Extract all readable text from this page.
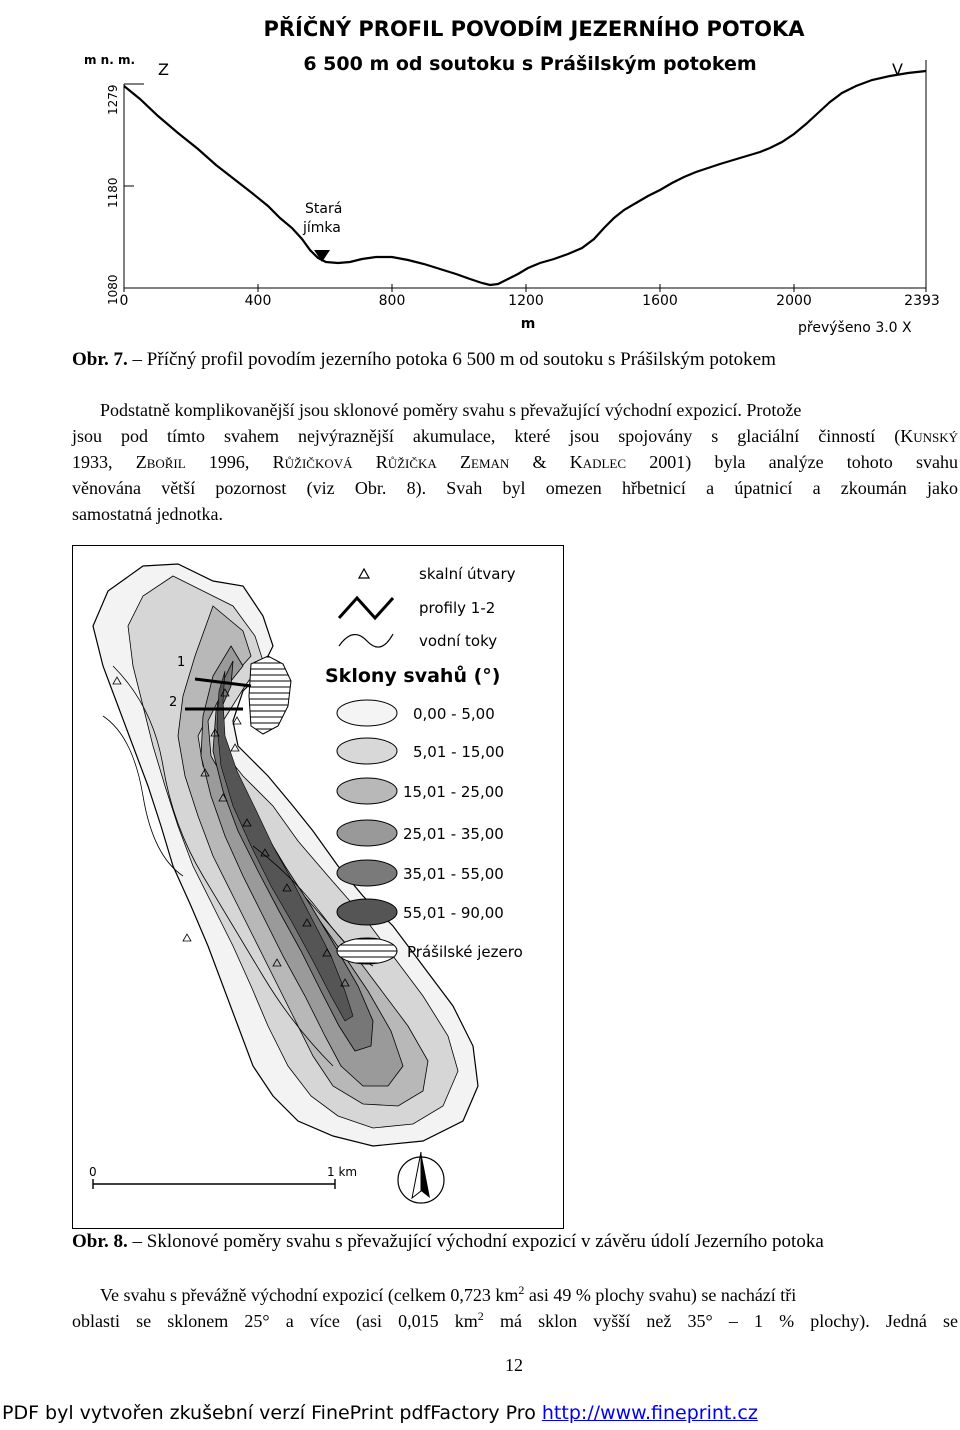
PŘÍČNÝ PROFIL POVODÍM JEZERNÍHO POTOKA
6 500 m od soutoku s Prášilským potokem
m n. m. Z	V
1279
1180
1080 0	400	800	1200	1600	2000	2393
m	převýšeno 3.0 X
Stará
jímka
Obr. 7. – Příčný profil povodím jezerního potoka 6 500 m od soutoku s Prášilským potokem
Podstatně komplikovanější jsou sklonové poměry svahu s převažující východní expozicí. Protože
jsou pod tímto svahem nejvýraznější akumulace, které jsou spojovány s glaciální činností (Kunský
1933, Zbořil 1996, Růžičková Růžička Zeman & Kadlec 2001) byla analýze tohoto svahu
věnována větší pozornost (viz Obr. 8). Svah byl omezen hřbetnicí a úpatnicí a zkoumán jako
samostatná jednotka.
1
2
skalní útvary
profily 1-2
vodní toky
Sklony svahů (°)
0,00 - 5,00
5,01 - 15,00
15,01 - 25,00
25,01 - 35,00
35,01 - 55,00
55,01 - 90,00
Prášilské jezero
0	1 km
Obr. 8. – Sklonové poměry svahu s převažující východní expozicí v závěru údolí Jezerního potoka
Ve svahu s převážně východní expozicí (celkem 0,723 $km^2$ asi 49 % plochy svahu) se nachází tři
oblasti se sklonem 25° a více (asi 0,015 $km^2$ má sklon vyšší než 35° – 1 % plochy). Jedná se
12
PDF byl vytvořen zkušební verzí FinePrint pdfFactory Pro http://www.fineprint.cz
